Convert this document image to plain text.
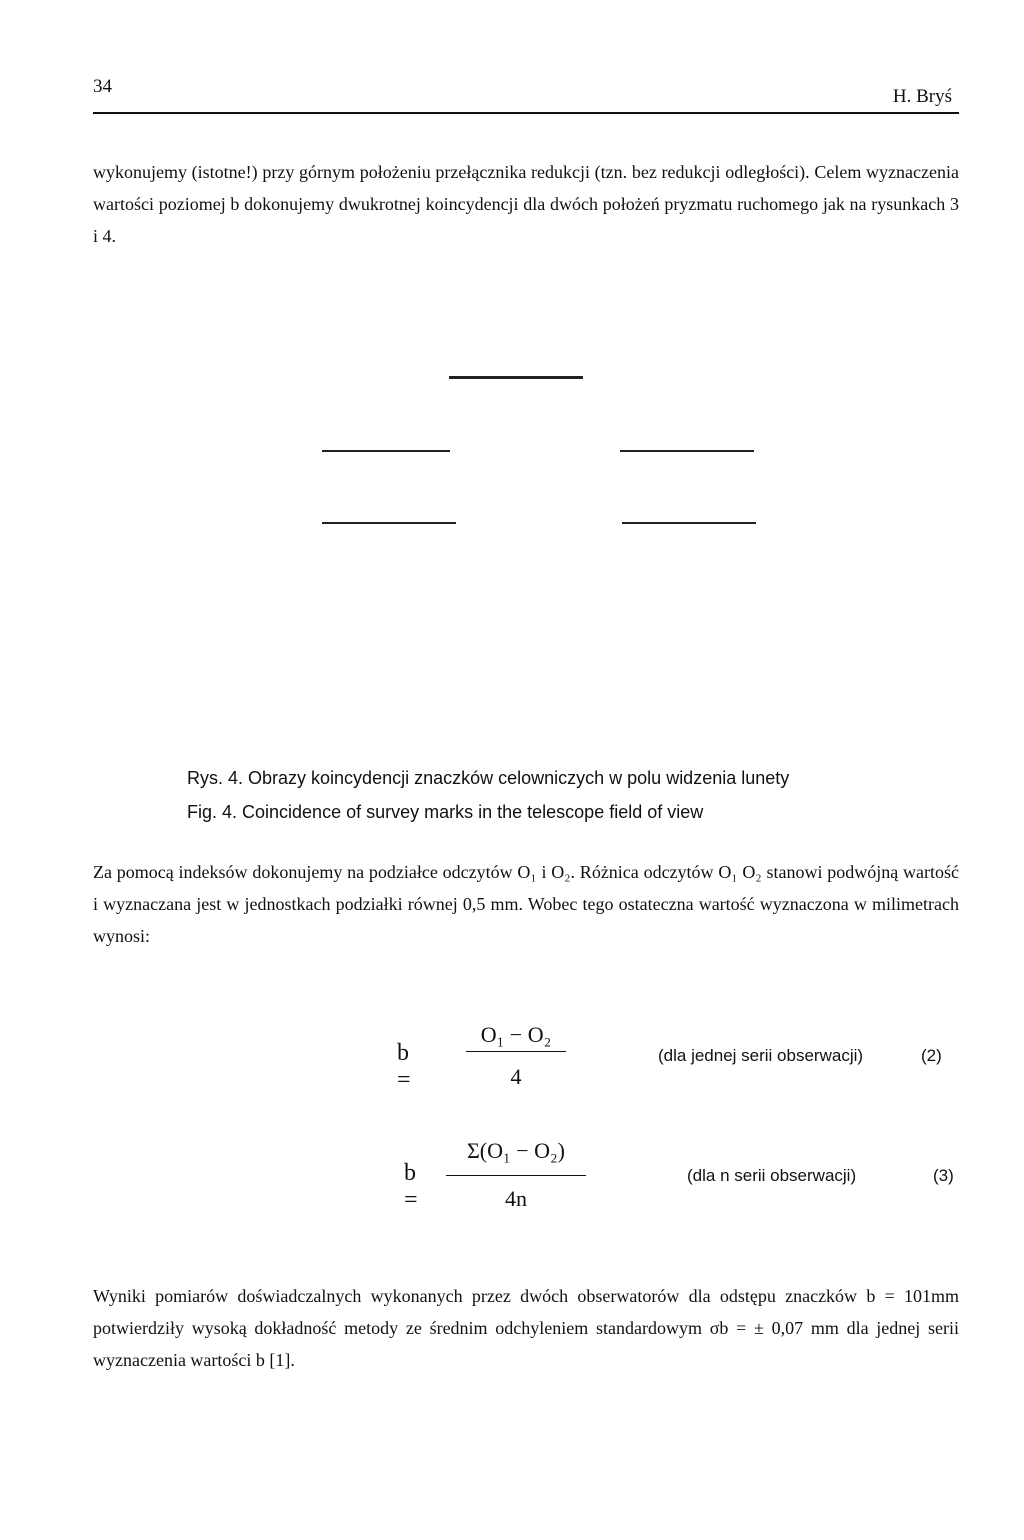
34	H. Bryś

wykonujemy (istotne!) przy górnym położeniu przełącznika redukcji (tzn. bez redukcji odległości). Celem wyznaczenia wartości poziomej b dokonujemy dwukrotnej koincydencji dla dwóch położeń pryzmatu ruchomego jak na rysunkach 3 i 4.

Rys. 4. Obrazy koincydencji znaczków celowniczych w polu widzenia lunety
Fig. 4. Coincidence of survey marks in the telescope field of view

Za pomocą indeksów dokonujemy na podziałce odczytów O₁ i O₂. Różnica odczytów O₁ O₂ stanowi podwójną wartość i wyznaczana jest w jednostkach podziałki równej 0,5 mm. Wobec tego ostateczna wartość wyznaczona w milimetrach wynosi:

b =
O₁ − O₂
4
(dla jednej serii obserwacji)	(2)
b =
Σ(O₁ − O₂)
4n
(dla n serii obserwacji)	(3)

Wyniki pomiarów doświadczalnych wykonanych przez dwóch obserwatorów dla odstępu znaczków b = 101mm potwierdziły wysoką dokładność metody ze średnim odchyleniem standardowym σb = ± 0,07 mm dla jednej serii wyznaczenia wartości b [1].
